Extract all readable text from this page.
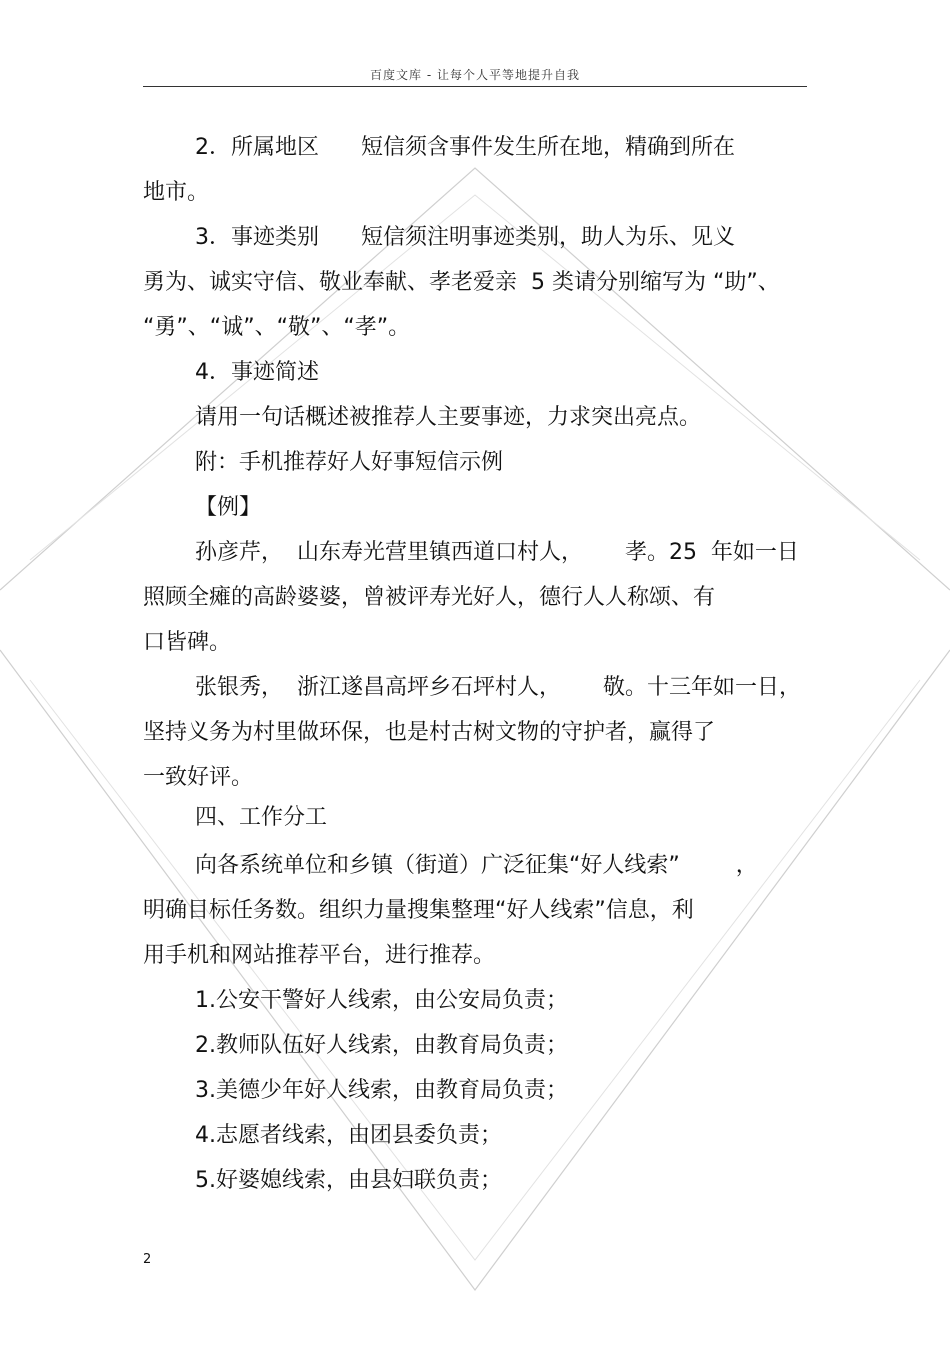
百度文库 - 让每个人平等地提升自我
2．所属地区      短信须含事件发生所在地，精确到所在
地市。
3．事迹类别      短信须注明事迹类别，助人为乐、见义
勇为、诚实守信、敬业奉献、孝老爱亲  5 类请分别缩写为 “助”、
“勇”、“诚”、“敬”、“孝”。
4．事迹简述
请用一句话概述被推荐人主要事迹，力求突出亮点。
附：手机推荐好人好事短信示例
【例】
孙彦芹，  山东寿光营里镇西道口村人，      孝。25  年如一日
照顾全瘫的高龄婆婆，曾被评寿光好人，德行人人称颂、有
口皆碑。
张银秀，  浙江遂昌高坪乡石坪村人，      敬。十三年如一日，
坚持义务为村里做环保，也是村古树文物的守护者，赢得了
一致好评。
四、工作分工
向各系统单位和乡镇（街道）广泛征集“好人线索”        ，
明确目标任务数。组织力量搜集整理“好人线索”信息，利
用手机和网站推荐平台，进行推荐。
1.公安干警好人线索，由公安局负责；
2.教师队伍好人线索，由教育局负责；
3.美德少年好人线索，由教育局负责；
4.志愿者线索，由团县委负责；
5.好婆媳线索，由县妇联负责；
2
